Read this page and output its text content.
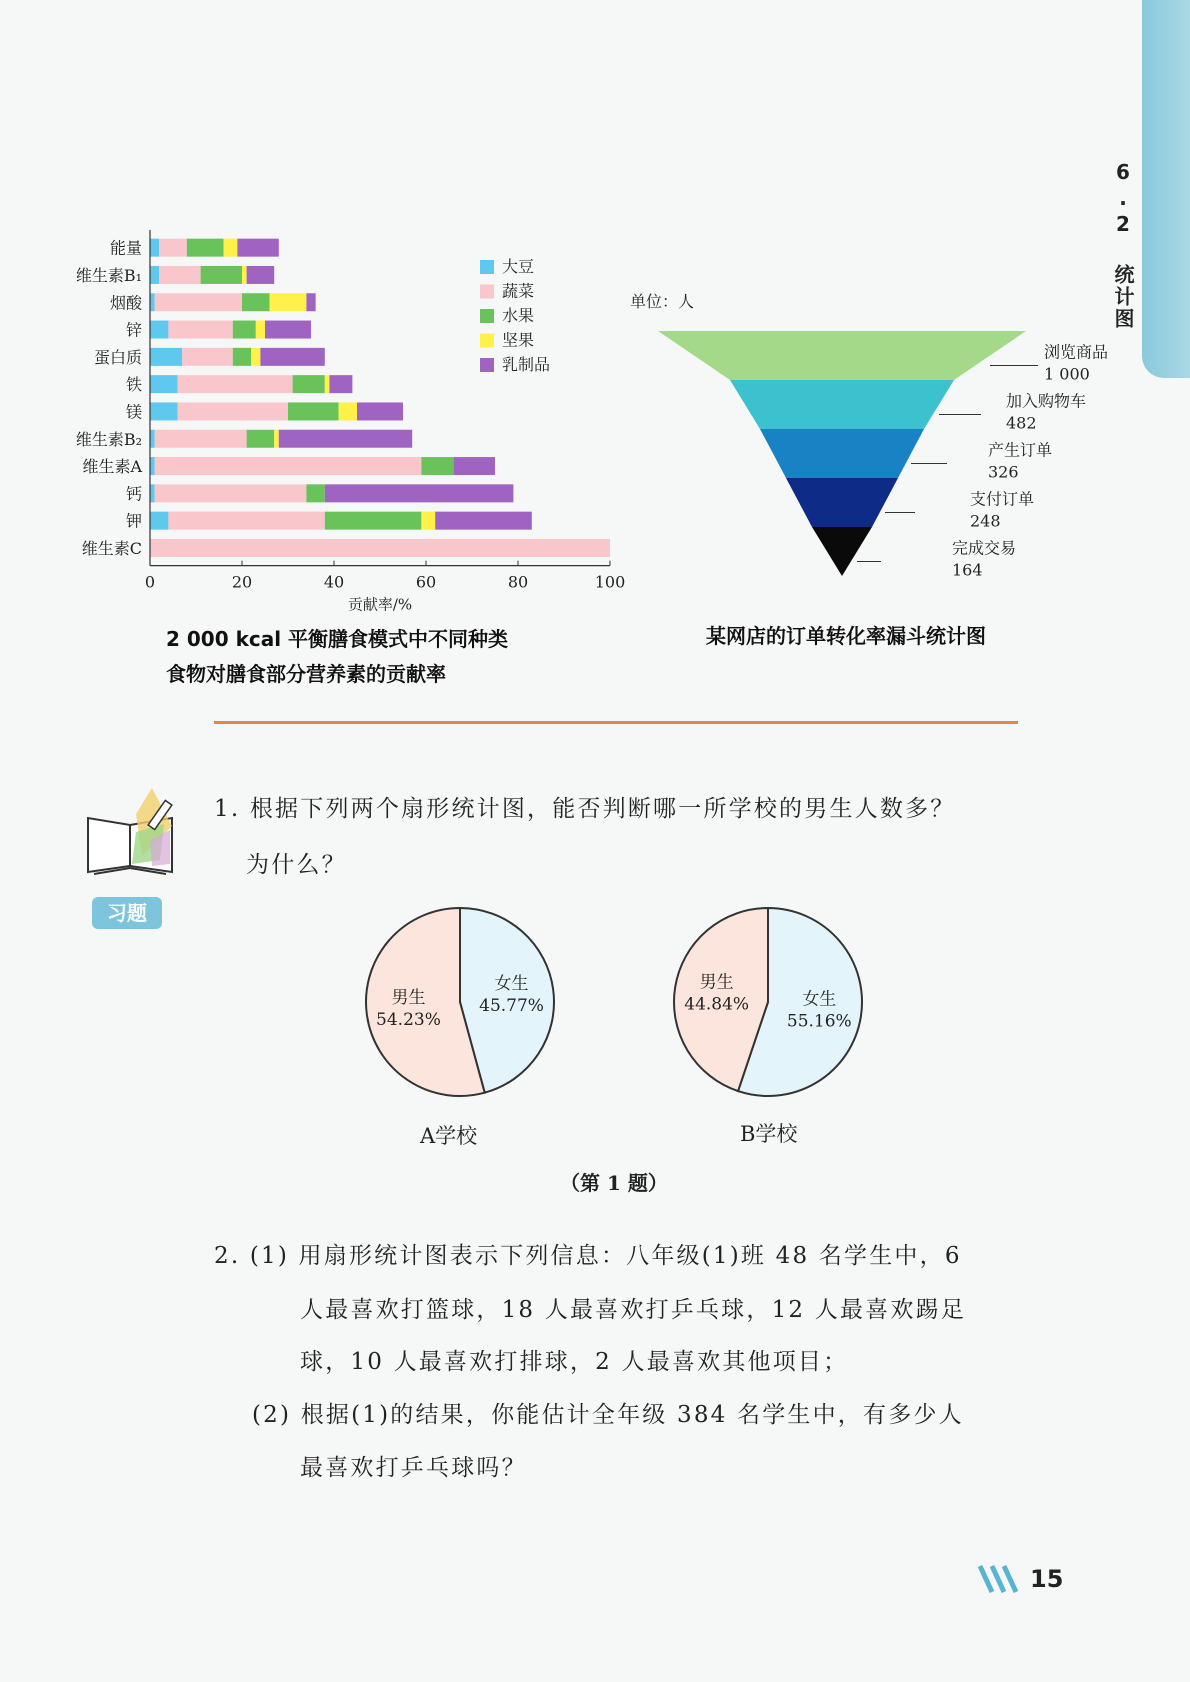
6.2 统计图
能量
维生素B₁
烟酸
锌
蛋白质
铁
镁
维生素B₂
维生素A
钙
钾
维生素C
0	20	40	60	80	100
贡献率/%
大豆
蔬菜
水果
坚果
乳制品
2 000 kcal 平衡膳食模式中不同种类
食物对膳食部分营养素的贡献率
单位：人
浏览商品
1 000
加入购物车
482
产生订单
326
支付订单
248
完成交易
164
某网店的订单转化率漏斗统计图
习题
1. 根据下列两个扇形统计图，能否判断哪一所学校的男生人数多？
为什么？
女生
45.77%
男生
54.23%
女生
55.16%
男生
44.84%
A学校	B学校
（第 1 题）
2. (1) 用扇形统计图表示下列信息：八年级(1)班 48 名学生中，6
人最喜欢打篮球，18 人最喜欢打乒乓球，12 人最喜欢踢足
球，10 人最喜欢打排球，2 人最喜欢其他项目；
(2) 根据(1)的结果，你能估计全年级 384 名学生中，有多少人
最喜欢打乒乓球吗？
15
